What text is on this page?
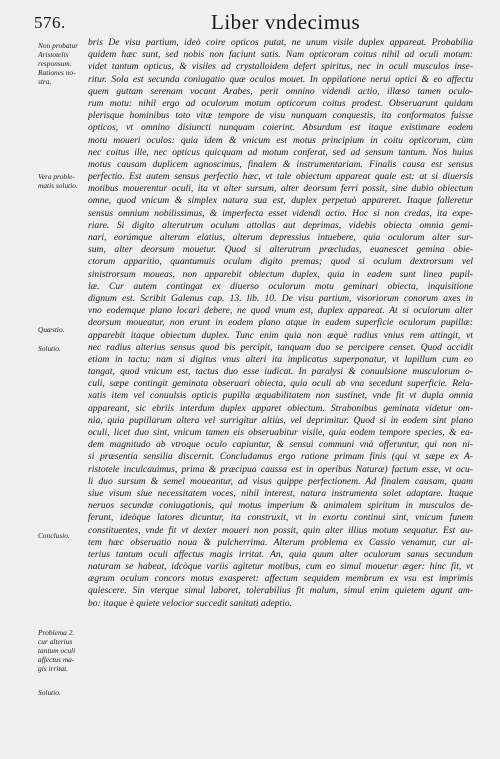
576.	Liber vndecimus
Non probatur
Aristotelis
responsum.
Rationes no-
stra.
Vera proble-
matis solutio.
Quæstio.
Solutio.
Conclusio.
Problema 2.
cur alterius
tantum oculi
affectus ma-
gis irritat.
Solutio.
bris De visu partium, ideò coire opticos putat, ne unum visile duplex appareat. Probabilia
quidem hæc sunt, sed nobis non faciunt satis. Nam opticorum coitus nihil ad oculi motum:
videt tantum opticus, & visiles ad crystalloidem defert spiritus, nec in oculi musculos inse-
ritur. Sola est secunda coniugatio quæ oculos mouet. In oppilatione nerui optici & eo affectu
quem guttam serenam vocant Arabes, perit omnino videndi actio, illæso tamen oculo-
rum motu: nihil ergo ad oculorum motum opticorum coitus prodest. Obseruarunt quidam
plerisque hominibus toto vitæ tempore de visu nunquam conquestis, ita conformatos fuisse
opticos, vt omnino disiuncti nunquam coierint. Absurdum est itaque existimare eodem
motu moueri oculos: quia idem & vnicum est motus principium in coitu opticorum, cùm
nec coitus ille, nec opticus quicquam ad motum conferat, sed ad sensum tantum. Nos huius
motus causam duplicem agnoscimus, finalem & instrumentariam. Finalis causa est sensus
perfectio. Est autem sensus perfectio hæc, vt tale obiectum appareat quale est: at si diuersis
motibus mouerentur oculi, ita vt alter sursum, alter deorsum ferri possit, sine dubio obiectum
omne, quod vnicum & simplex natura sua est, duplex perpetuò appareret. Itaque falleretur
sensus omnium nobilissimus, & imperfecta esset videndi actio. Hoc si non credas, ita expe-
riare. Si digito alterutrum oculum attollas aut deprimas, videbis obiecta omnia gemi-
nari, eorúmque alterum elatius, alterum depressius intuebere, quia oculorum alter sur-
sum, alter deorsum mouetur. Quod si alterutrum præcludas, euanescet gemina obie-
ctorum apparitio, quantumuis oculum digito premas; quod si oculum dextrorsum vel
sinistrorsum moueas, non apparebit obiectum duplex, quia in eadem sunt linea pupil-
læ. Cur autem contingat ex diuerso oculorum motu geminari obiecta, inquisitione
dignum est. Scribit Galenus cap. 13. lib. 10. De visu partium, visoriorum conorum axes in
vno eodemque plano locari debere, ne quod vnum est, duplex appareat. At si oculorum alter
deorsum moueatur, non erunt in eodem plano atque in eadem superficie oculorum pupillæ:
apparebit itaque obiectum duplex. Tunc enim quia non æquè radius vnius rem attingit, vt
nec radius alterius sensus quod bis percipit, tanquam duo se percipere censet. Quod accidit
etiam in tactu: nam si digitus vnus alteri ita implicatus superponatur, vt lapillum cum eo
tangat, quod vnicum est, tactus duo esse iudicat. In paralysi & conuulsione musculorum o-
culi, sæpe contingit geminata obseruari obiecta, quia oculi ab vna secedunt superficie. Rela-
xatis item vel conuulsis opticis pupilla æquabilitatem non sustinet, vnde fit vt dupla omnia
appareant, sic ebriis interdum duplex apparet obiectum. Strabonibus geminata videtur om-
nia, quia pupillarum altera vel surrigitur altiùs, vel deprimitur. Quod si in eodem sint plano
oculi, licet duo sint, vnicum tamen eis obseruabitur visile, quia eodem tempore species, & ea-
dem magnitudo ab vtroque oculo capiuntur, & sensui communi vnà offeruntur, qui non ni-
si præsentia sensilia discernit. Concludamus ergo ratione primam finis (qui vt sæpe ex A-
ristotele inculcauimus, prima & præcipua caussa est in operibus Naturæ) factum esse, vt ocu-
li duo sursum & semel moueantur, ad visus quippe perfectionem. Ad finalem causam, quam
siue visum siue necessitatem voces, nihil interest, natura instrumenta solet adaptare. Itaque
neruos secundæ coniugationis, qui motus imperium & animalem spiritum in musculos de-
ferunt, ideòque latores dicuntur, ita construxit, vt in exortu continui sint, vnicum funem
constituentes, vnde fit vt dexter moueri non possit, quin alter illius motum sequatur. Est au-
tem hæc obseruatio noua & pulcherrima. Alterum problema ex Cassio venamur, cur al-
terius tantum oculi affectus magis irritat. An, quia quum alter oculorum sanus secundum
naturam se habeat, idcòque variis agitetur motibus, cum eo simul mouetur æger: hinc fit, vt
ægrum oculum concors motus exasperet: affectum sequidem membrum ex vsu est imprimis
quiescere. Sin vterque simul laboret, tolerabilius fit malum, simul enim quietem agunt am-
bo: itaque è quiete velocior succedit sanitati adeptio.
